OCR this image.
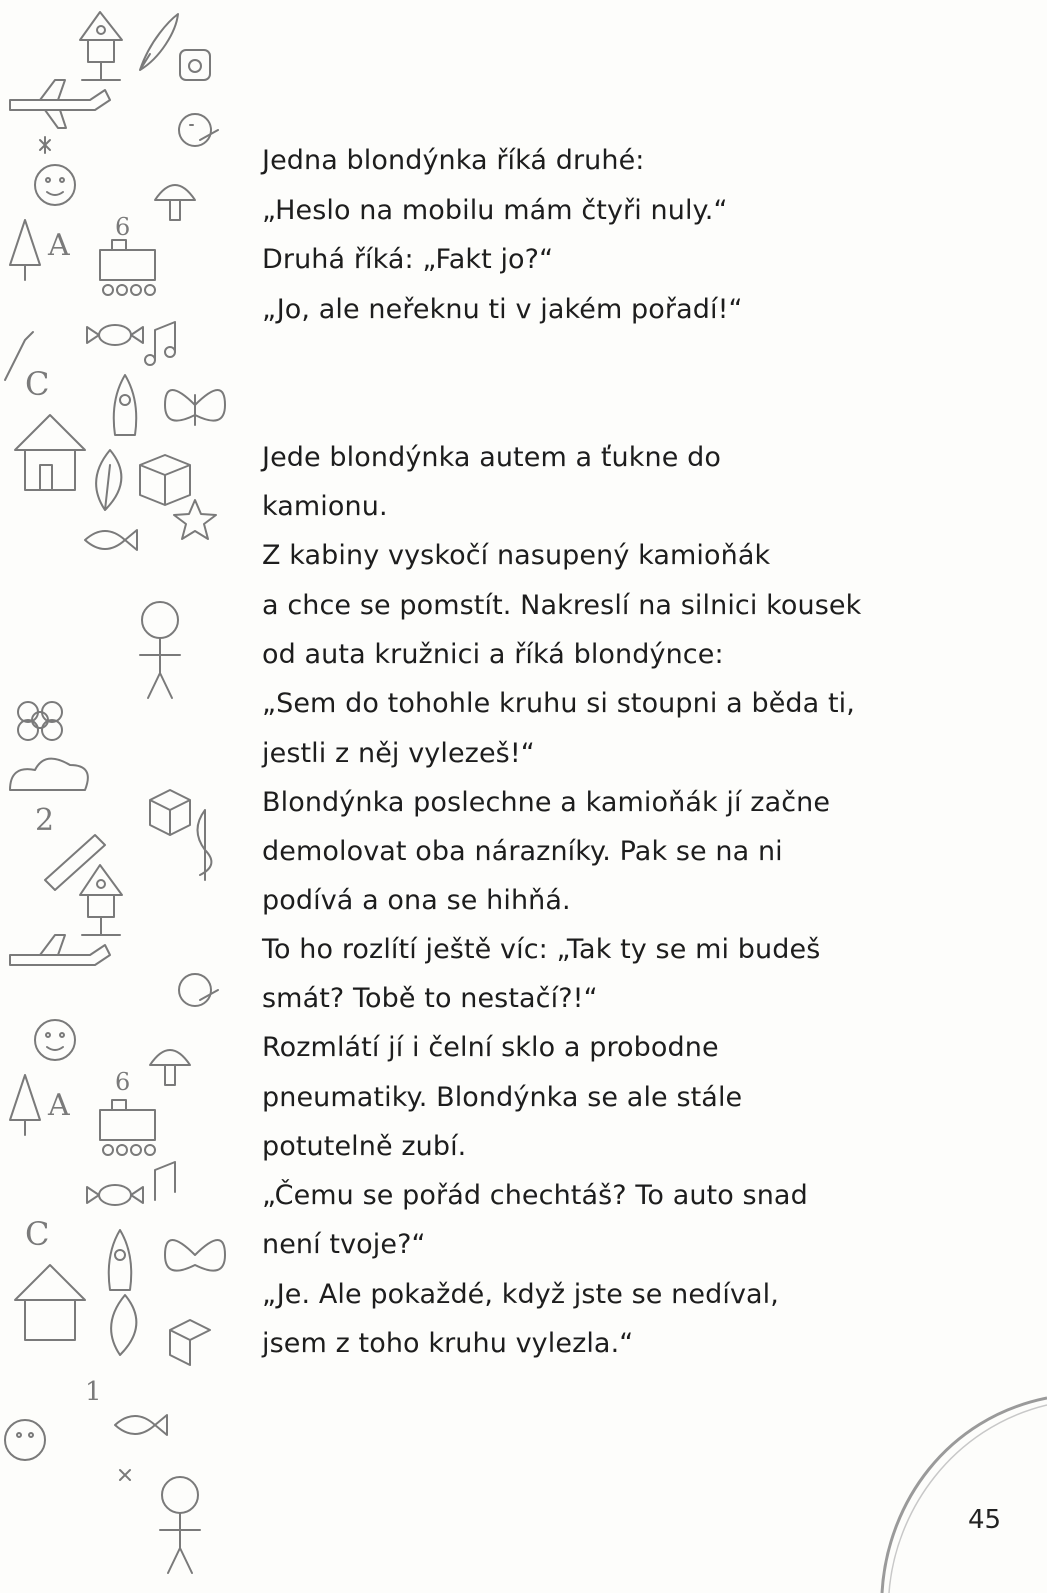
A
6
C
2
A
6
C
1
Jedna blondýnka říká druhé:
„Heslo na mobilu mám čtyři nuly.“
Druhá říká: „Fakt jo?“
„Jo, ale neřeknu ti v jakém pořadí!“
Jede blondýnka autem a ťukne do
kamionu.
Z kabiny vyskočí nasupený kamioňák
a chce se pomstít. Nakreslí na silnici kousek
od auta kružnici a říká blondýnce:
„Sem do tohohle kruhu si stoupni a běda ti,
jestli z něj vylezeš!“
Blondýnka poslechne a kamioňák jí začne
demolovat oba nárazníky. Pak se na ni
podívá a ona se hihňá.
To ho rozlítí ještě víc: „Tak ty se mi budeš
smát? Tobě to nestačí?!“
Rozmlátí jí i čelní sklo a probodne
pneumatiky. Blondýnka se ale stále
potutelně zubí.
„Čemu se pořád chechtáš? To auto snad
není tvoje?“
„Je. Ale pokaždé, když jste se nedíval,
jsem z toho kruhu vylezla.“
45
